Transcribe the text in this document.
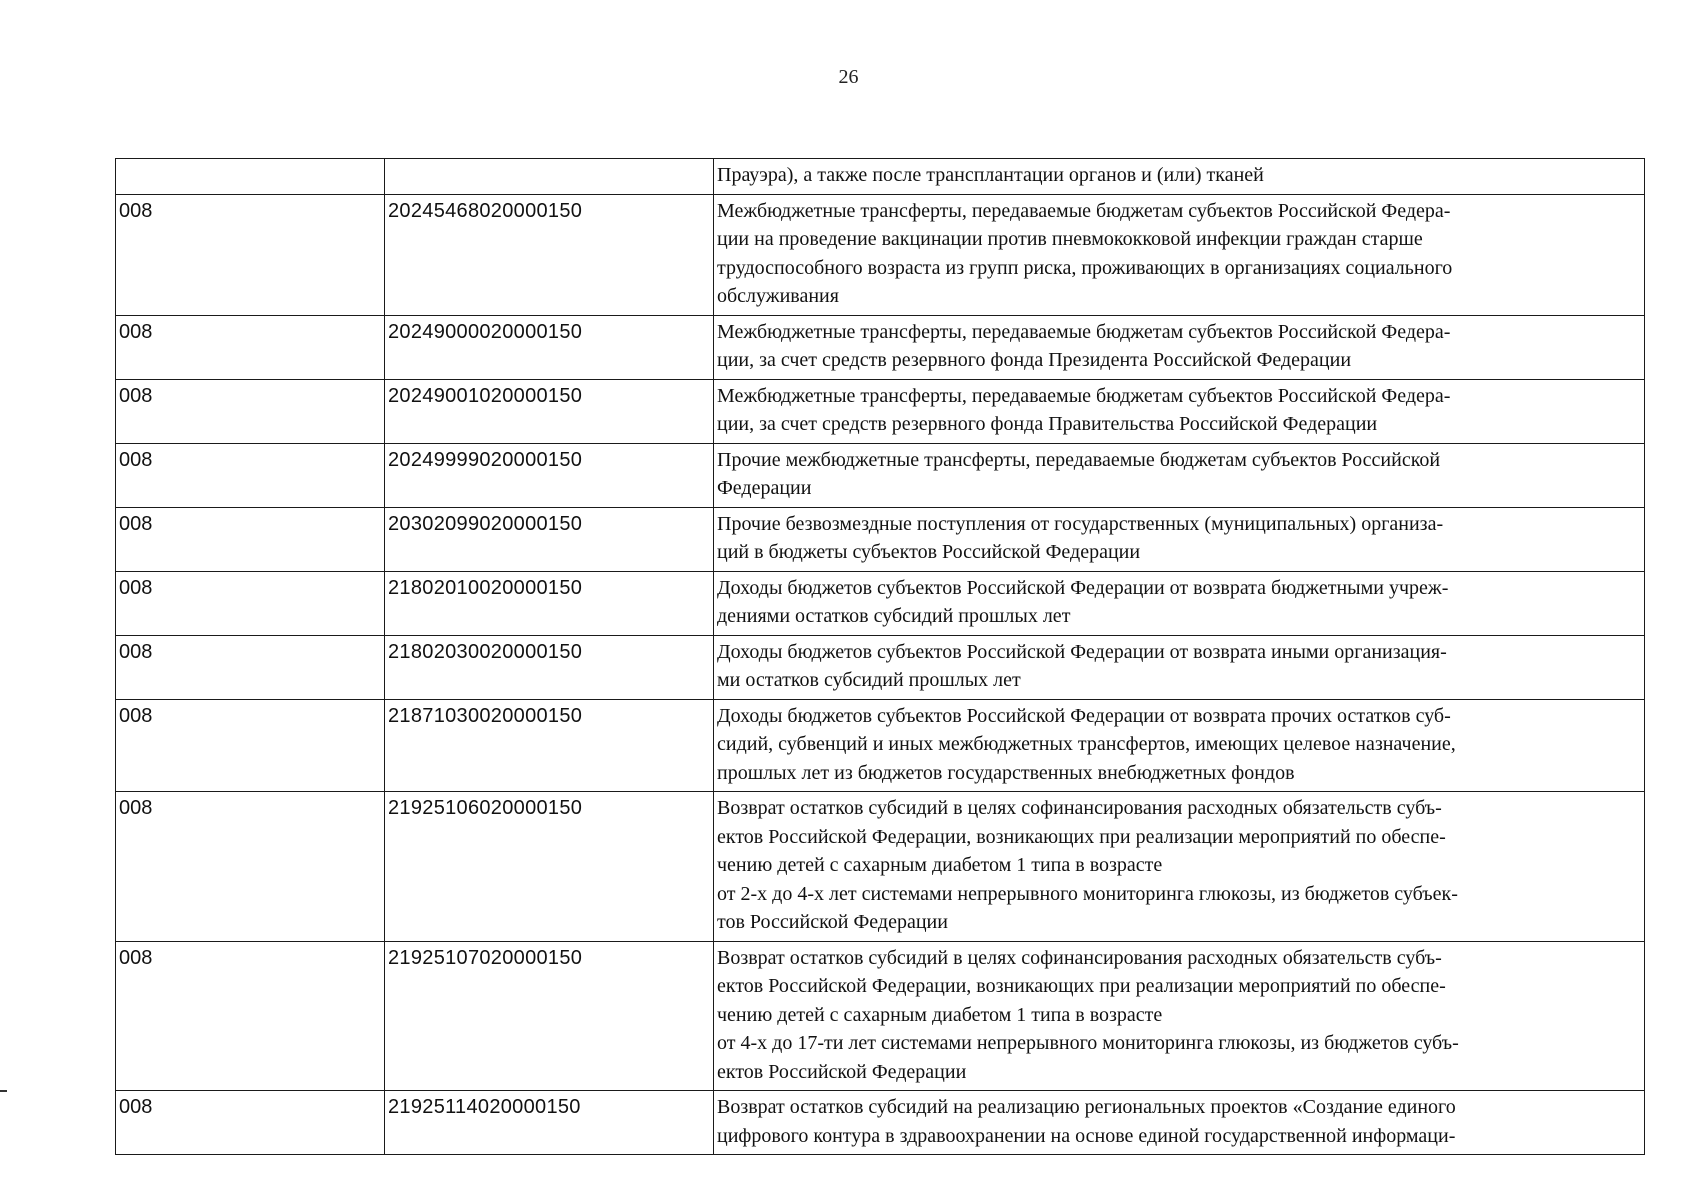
26

		Прауэра), а также после трансплантации органов и (или) тканей

008	20245468020000150	Межбюджетные трансферты, передаваемые бюджетам субъектов Российской Федера-
ции на проведение вакцинации против пневмококковой инфекции граждан старше
трудоспособного возраста из групп риска, проживающих в организациях социального
обслуживания

008	20249000020000150	Межбюджетные трансферты, передаваемые бюджетам субъектов Российской Федера-
ции, за счет средств резервного фонда Президента Российской Федерации

008	20249001020000150	Межбюджетные трансферты, передаваемые бюджетам субъектов Российской Федера-
ции, за счет средств резервного фонда Правительства Российской Федерации

008	20249999020000150	Прочие межбюджетные трансферты, передаваемые бюджетам субъектов Российской
Федерации

008	20302099020000150	Прочие безвозмездные поступления от государственных (муниципальных) организа-
ций в бюджеты субъектов Российской Федерации

008	21802010020000150	Доходы бюджетов субъектов Российской Федерации от возврата бюджетными учреж-
дениями остатков субсидий прошлых лет

008	21802030020000150	Доходы бюджетов субъектов Российской Федерации от возврата иными организация-
ми остатков субсидий прошлых лет

008	21871030020000150	Доходы бюджетов субъектов Российской Федерации от возврата прочих остатков суб-
сидий, субвенций и иных межбюджетных трансфертов, имеющих целевое назначение,
прошлых лет из бюджетов государственных внебюджетных фондов

008	21925106020000150	Возврат остатков субсидий в целях софинансирования расходных обязательств субъ-
ектов Российской Федерации, возникающих при реализации мероприятий по обеспе-
чению детей с сахарным диабетом 1 типа в возрасте
от 2-х до 4-х лет системами непрерывного мониторинга глюкозы, из бюджетов субъек-
тов Российской Федерации

008	21925107020000150	Возврат остатков субсидий в целях софинансирования расходных обязательств субъ-
ектов Российской Федерации, возникающих при реализации мероприятий по обеспе-
чению детей с сахарным диабетом 1 типа в возрасте
от 4-х до 17-ти лет системами непрерывного мониторинга глюкозы, из бюджетов субъ-
ектов Российской Федерации

008	21925114020000150	Возврат остатков субсидий на реализацию региональных проектов «Создание единого
цифрового контура в здравоохранении на основе единой государственной информаци-
